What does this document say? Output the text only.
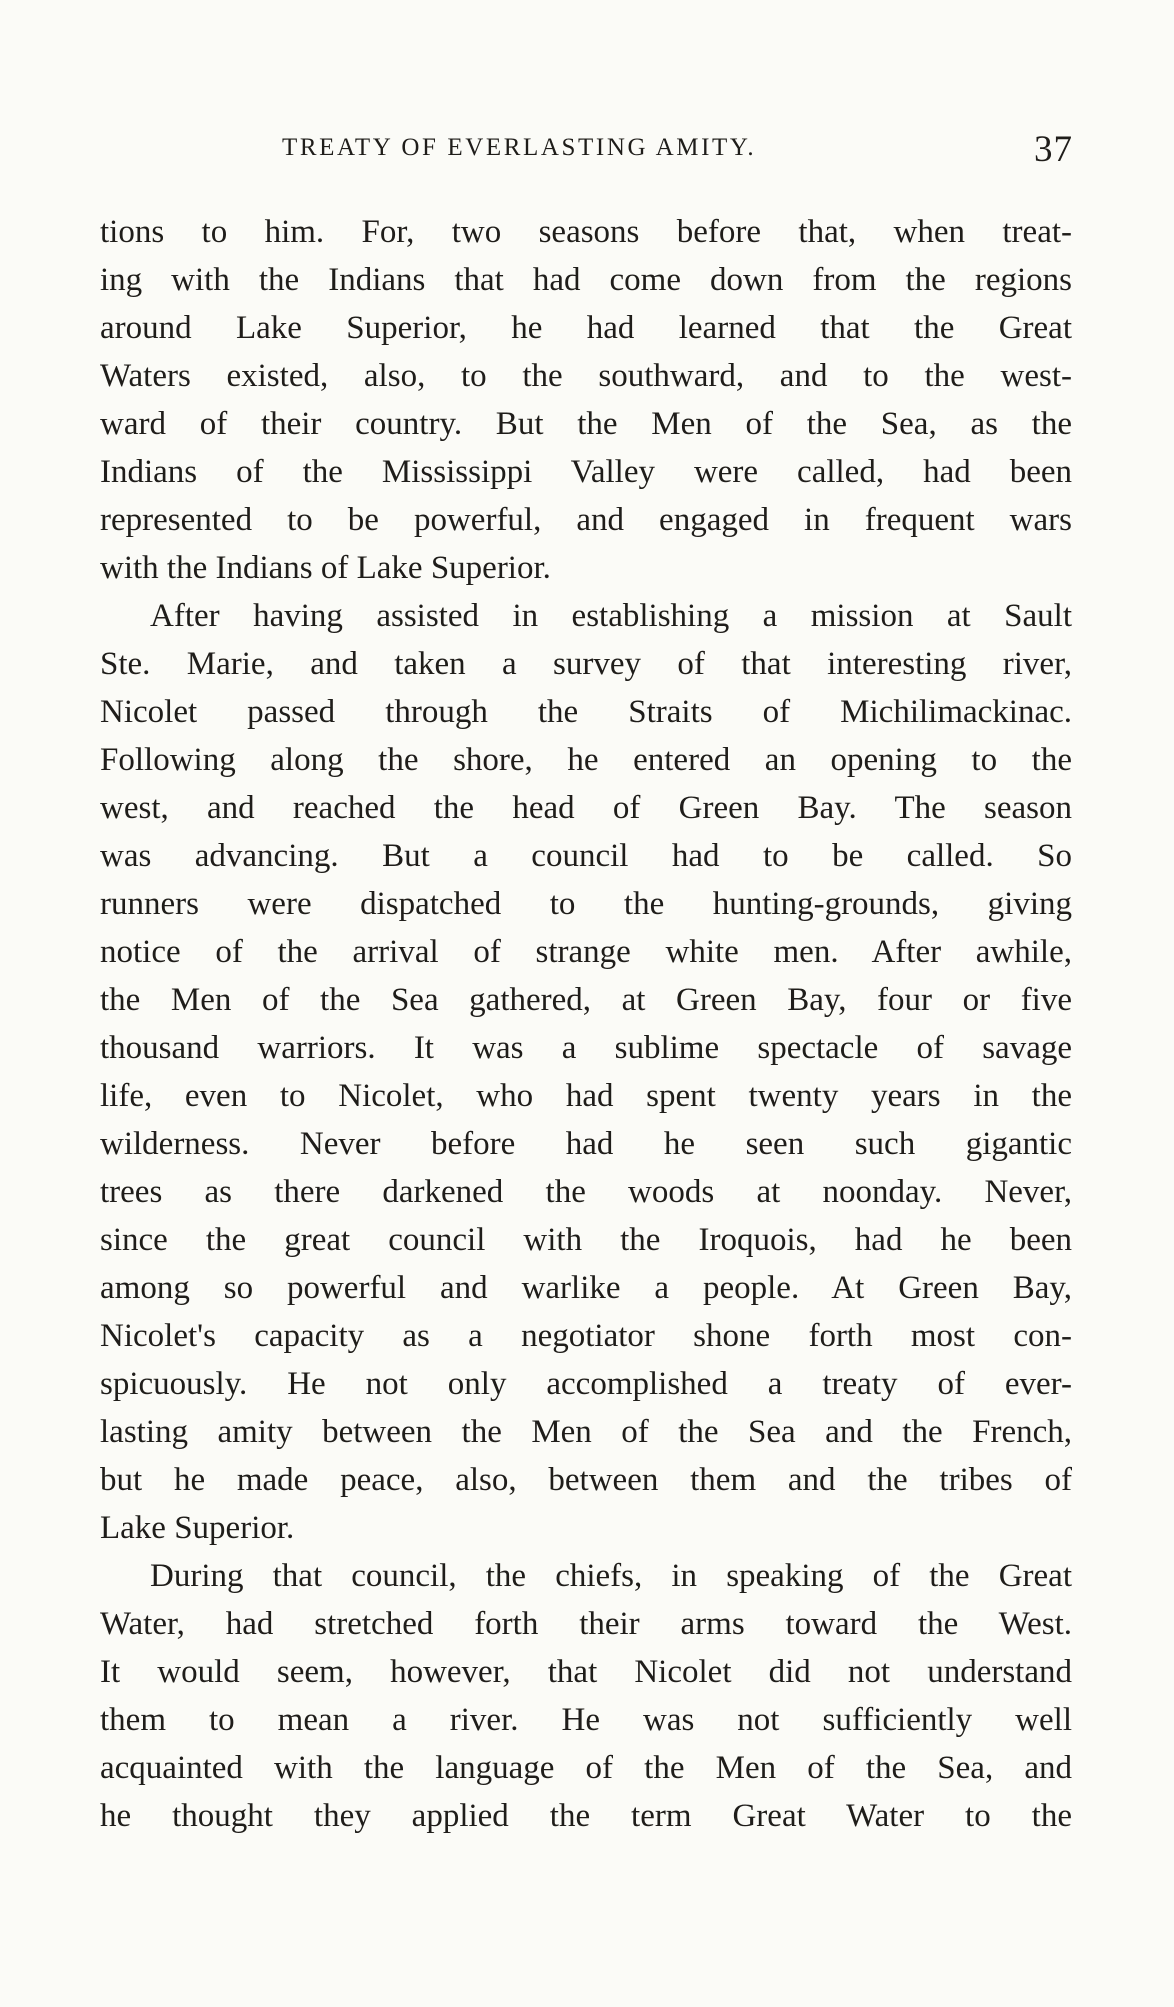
TREATY OF EVERLASTING AMITY.	37
tions to him. For, two seasons before that, when treat-
ing with the Indians that had come down from the regions
around Lake Superior, he had learned that the Great
Waters existed, also, to the southward, and to the west-
ward of their country. But the Men of the Sea, as the
Indians of the Mississippi Valley were called, had been
represented to be powerful, and engaged in frequent wars
with the Indians of Lake Superior.
After having assisted in establishing a mission at Sault
Ste. Marie, and taken a survey of that interesting river,
Nicolet passed through the Straits of Michilimackinac.
Following along the shore, he entered an opening to the
west, and reached the head of Green Bay. The season
was advancing. But a council had to be called. So
runners were dispatched to the hunting-grounds, giving
notice of the arrival of strange white men. After awhile,
the Men of the Sea gathered, at Green Bay, four or five
thousand warriors. It was a sublime spectacle of savage
life, even to Nicolet, who had spent twenty years in the
wilderness. Never before had he seen such gigantic
trees as there darkened the woods at noonday. Never,
since the great council with the Iroquois, had he been
among so powerful and warlike a people. At Green Bay,
Nicolet's capacity as a negotiator shone forth most con-
spicuously. He not only accomplished a treaty of ever-
lasting amity between the Men of the Sea and the French,
but he made peace, also, between them and the tribes of
Lake Superior.
During that council, the chiefs, in speaking of the Great
Water, had stretched forth their arms toward the West.
It would seem, however, that Nicolet did not understand
them to mean a river. He was not sufficiently well
acquainted with the language of the Men of the Sea, and
he thought they applied the term Great Water to the
